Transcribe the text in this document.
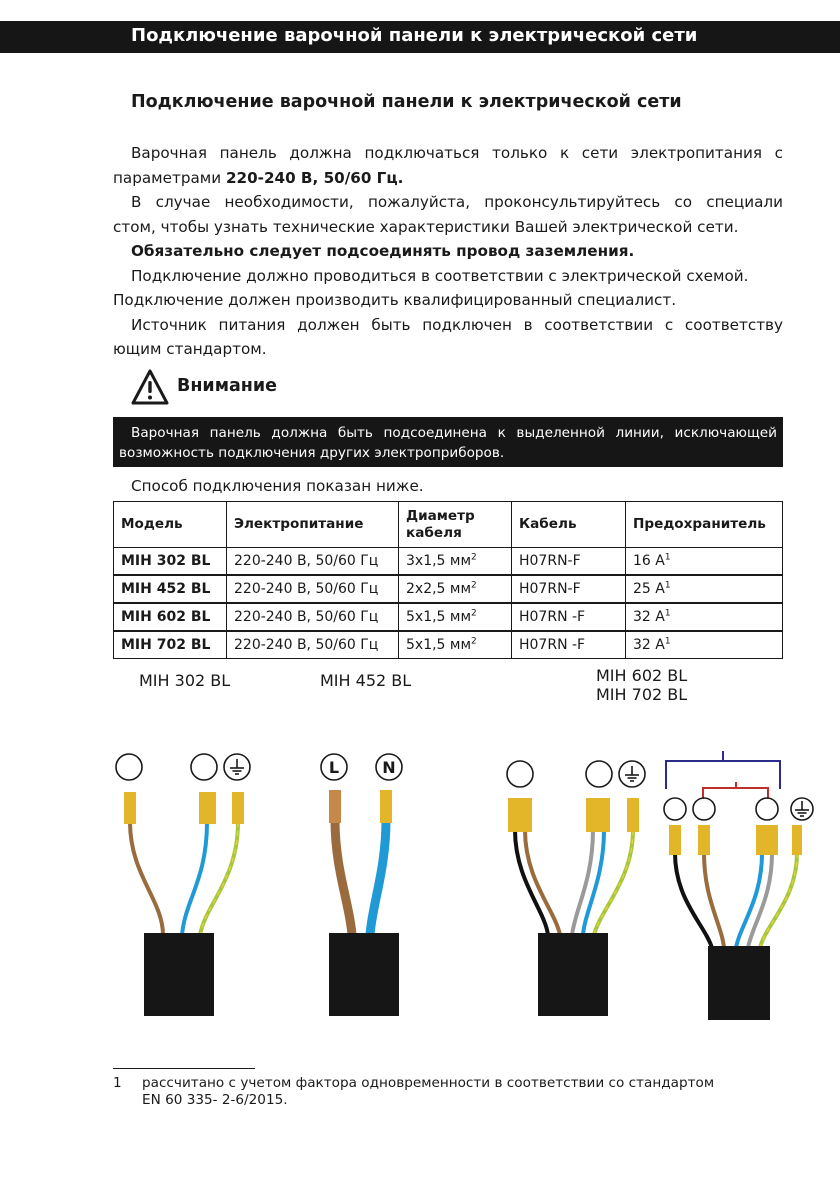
Подключение варочной панели к электрической сети
Подключение варочной панели к электрической сети

Варочная панель должна подключаться только к сети электропитания с

параметрами 220-240 В, 50/60 Гц.

В случае необходимости, пожалуйста, проконсультируйтесь со специали

стом, чтобы узнать технические характеристики Вашей электрической сети.

Обязательно следует подсоединять провод заземления.

Подключение должно проводиться в соответствии с электрической схемой.

Подключение должен производить квалифицированный специалист.

Источник питания должен быть подключен в соответствии с соответству

ющим стандартом.

Внимание
Варочная панель должна быть подсоединена к выделенной линии, исключающей
возможность подключения других электроприборов.
Способ подключения показан ниже.
Модель	Электропитание	Диаметр кабеля	Кабель	Предохранитель
MIH 302 BL	220-240 В, 50/60 Гц	3x1,5 $мм^2$	H07RN-F	16 $A^1$
MIH 452 BL	220-240 В, 50/60 Гц	2x2,5 $мм^2$	H07RN-F	25 $A^1$
MIH 602 BL	220-240 В, 50/60 Гц	5x1,5 $мм^2$	H07RN -F	32 $A^1$
MIH 702 BL	220-240 В, 50/60 Гц	5x1,5 $мм^2$	H07RN -F	32 $A^1$
MIH 302 BL	MIH 452 BL	MIH 602 BL
MIH 702 BL
L	N
1 рассчитано с учетом фактора одновременности в соответствии со стандартом
EN 60 335- 2-6/2015.
